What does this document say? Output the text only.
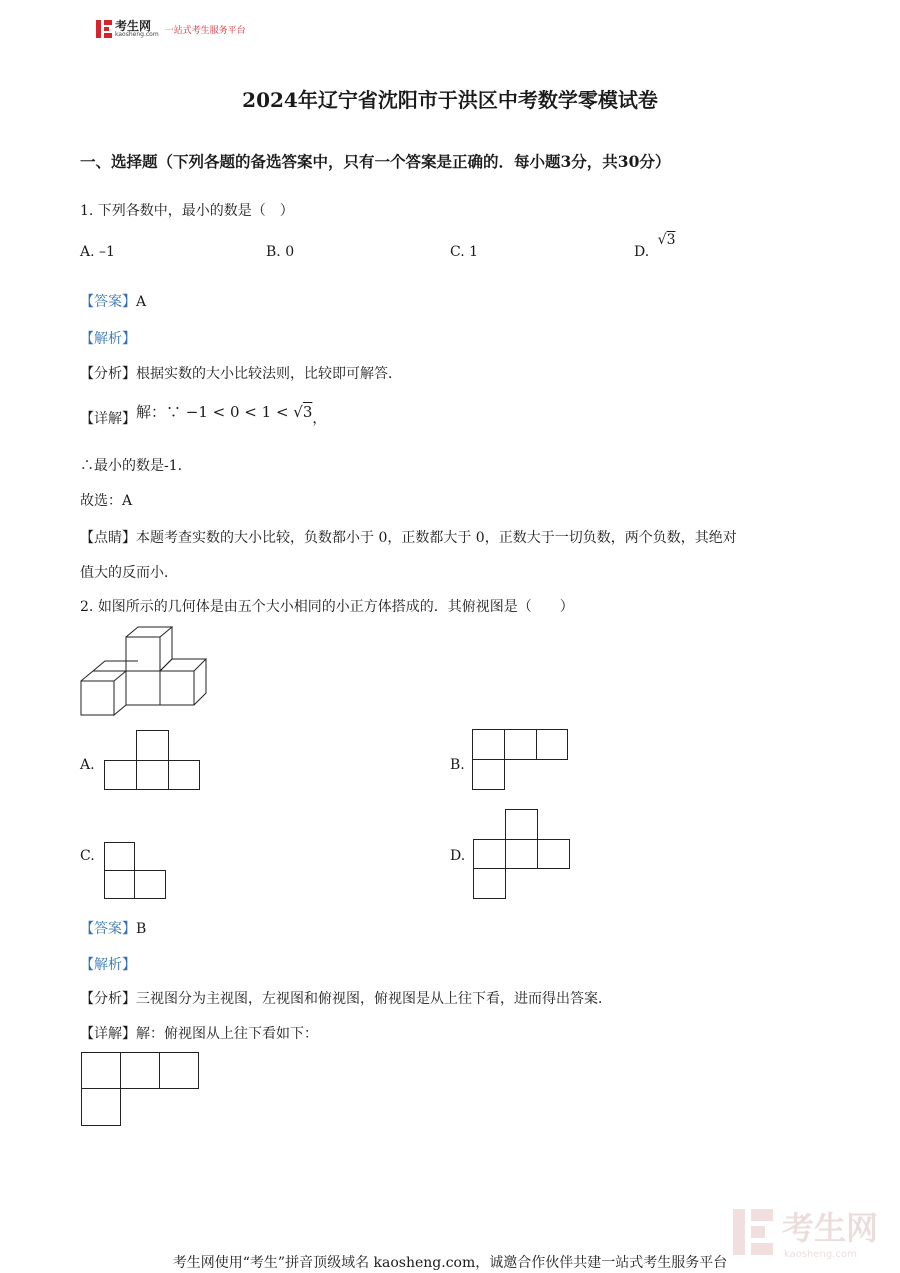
考生网
kaosheng.com 一站式考生服务平台
2024年辽宁省沈阳市于洪区中考数学零模试卷
一、选择题（下列各题的备选答案中，只有一个答案是正确的．每小题3分，共30分）
1. 下列各数中，最小的数是（　）
A. –1	B. 0	C. 1	D. √3
【答案】A
【解析】
【分析】根据实数的大小比较法则，比较即可解答．
【详解】解：∵ −1 < 0 < 1 < √3，
∴最小的数是-1．
故选：A
【点睛】本题考查实数的大小比较，负数都小于 0，正数都大于 0，正数大于一切负数，两个负数，其绝对
值大的反而小．
2. 如图所示的几何体是由五个大小相同的小正方体搭成的．其俯视图是（　　）
A.	B.
C.	D.
【答案】B
【解析】
【分析】三视图分为主视图，左视图和俯视图，俯视图是从上往下看，进而得出答案．
【详解】解：俯视图从上往下看如下：
考生网
kaosheng.com
考生网使用“考生”拼音顶级域名 kaosheng.com，诚邀合作伙伴共建一站式考生服务平台
